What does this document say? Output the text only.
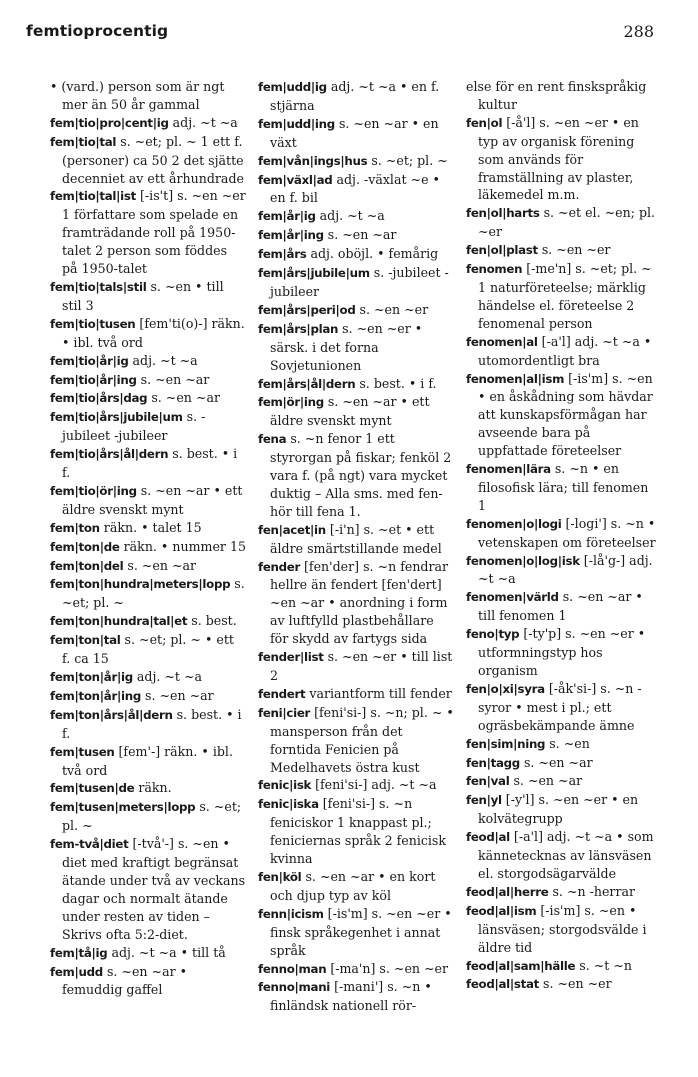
femtioprocentig	288

• (vard.) person som är ngt mer än 50 år gammal

fem|tio|pro|cent|ig adj. ~t ~a

fem|tio|tal s. ~et; pl. ~ 1 ett f. (personer) ca 50 2 det sjätte decenniet av ett århundrade

fem|tio|tal|ist [-is't] s. ~en ~er 1 författare som spelade en framträdande roll på 1950-talet 2 person som föddes på 1950-talet

fem|tio|tals|stil s. ~en • till stil 3

fem|tio|tusen [fem'ti(o)-] räkn. • ibl. två ord

fem|tio|år|ig adj. ~t ~a

fem|tio|år|ing s. ~en ~ar

fem|tio|års|dag s. ~en ~ar

fem|tio|års|jubile|um s. -jubileet -jubileer

fem|tio|års|ål|dern s. best. • i f.

fem|tio|ör|ing s. ~en ~ar • ett äldre svenskt mynt

fem|ton räkn. • talet 15

fem|ton|de räkn. • nummer 15

fem|ton|del s. ~en ~ar

fem|ton|hundra|meters|lopp s. ~et; pl. ~

fem|ton|hundra|tal|et s. best.

fem|ton|tal s. ~et; pl. ~ • ett f. ca 15

fem|ton|år|ig adj. ~t ~a

fem|ton|år|ing s. ~en ~ar

fem|ton|års|ål|dern s. best. • i f.

fem|tusen [fem'-] räkn. • ibl. två ord

fem|tusen|de räkn.

fem|tusen|meters|lopp s. ~et; pl. ~

fem-två|diet [-två'-] s. ~en • diet med kraftigt begränsat ätande under två av veckans dagar och normalt ätande under resten av tiden – Skrivs ofta 5:2-diet.

fem|tå|ig adj. ~t ~a • till tå

fem|udd s. ~en ~ar • femuddig gaffel

fem|udd|ig adj. ~t ~a • en f. stjärna

fem|udd|ing s. ~en ~ar • en växt

fem|vån|ings|hus s. ~et; pl. ~

fem|växl|ad adj. -växlat ~e • en f. bil

fem|år|ig adj. ~t ~a

fem|år|ing s. ~en ~ar

fem|års adj. oböjl. • femårig

fem|års|jubile|um s. -jubileet -jubileer

fem|års|peri|od s. ~en ~er

fem|års|plan s. ~en ~er • särsk. i det forna Sovjetunionen

fem|års|ål|dern s. best. • i f.

fem|ör|ing s. ~en ~ar • ett äldre svenskt mynt

fena s. ~n fenor 1 ett styrorgan på fiskar; fenköl 2 vara f. (på ngt) vara mycket duktig – Alla sms. med fen- hör till fena 1.

fen|acet|in [-i'n] s. ~et • ett äldre smärtstillande medel

fender [fen'der] s. ~n fendrar hellre än fendert [fen'dert] ~en ~ar • anordning i form av luftfylld plastbehållare för skydd av fartygs sida

fender|list s. ~en ~er • till list 2

fendert variantform till fender

feni|cier [feni'si-] s. ~n; pl. ~ • mansperson från det forntida Fenicien på Medelhavets östra kust

fenic|isk [feni'si-] adj. ~t ~a

fenic|iska [feni'si-] s. ~n feniciskor 1 knappast pl.; feniciernas språk 2 fenicisk kvinna

fen|köl s. ~en ~ar • en kort och djup typ av köl

fenn|icism [-is'm] s. ~en ~er • finsk språkegenhet i annat språk

fenno|man [-ma'n] s. ~en ~er

fenno|mani [-mani'] s. ~n • finländsk nationell rör-

else för en rent finskspråkig kultur

fen|ol [-å'l] s. ~en ~er • en typ av organisk förening som används för framställning av plaster, läkemedel m.m.

fen|ol|harts s. ~et el. ~en; pl. ~er

fen|ol|plast s. ~en ~er

fenomen [-me'n] s. ~et; pl. ~ 1 naturföreteelse; märklig händelse el. företeelse 2 fenomenal person

fenomen|al [-a'l] adj. ~t ~a • utomordentligt bra

fenomen|al|ism [-is'm] s. ~en • en åskådning som hävdar att kunskapsförmågan har avseende bara på uppfattade företeelser

fenomen|lära s. ~n • en filosofisk lära; till fenomen 1

fenomen|o|logi [-logi'] s. ~n • vetenskapen om företeelser

fenomen|o|log|isk [-lå'g-] adj. ~t ~a

fenomen|värld s. ~en ~ar • till fenomen 1

feno|typ [-ty'p] s. ~en ~er • utformningstyp hos organism

fen|o|xi|syra [-åk'si-] s. ~n -syror • mest i pl.; ett ogräsbekämpande ämne

fen|sim|ning s. ~en

fen|tagg s. ~en ~ar

fen|val s. ~en ~ar

fen|yl [-y'l] s. ~en ~er • en kolvätegrupp

feod|al [-a'l] adj. ~t ~a • som kännetecknas av länsväsen el. storgodsägarvälde

feod|al|herre s. ~n -herrar

feod|al|ism [-is'm] s. ~en • länsväsen; storgodsvälde i äldre tid

feod|al|sam|hälle s. ~t ~n

feod|al|stat s. ~en ~er
